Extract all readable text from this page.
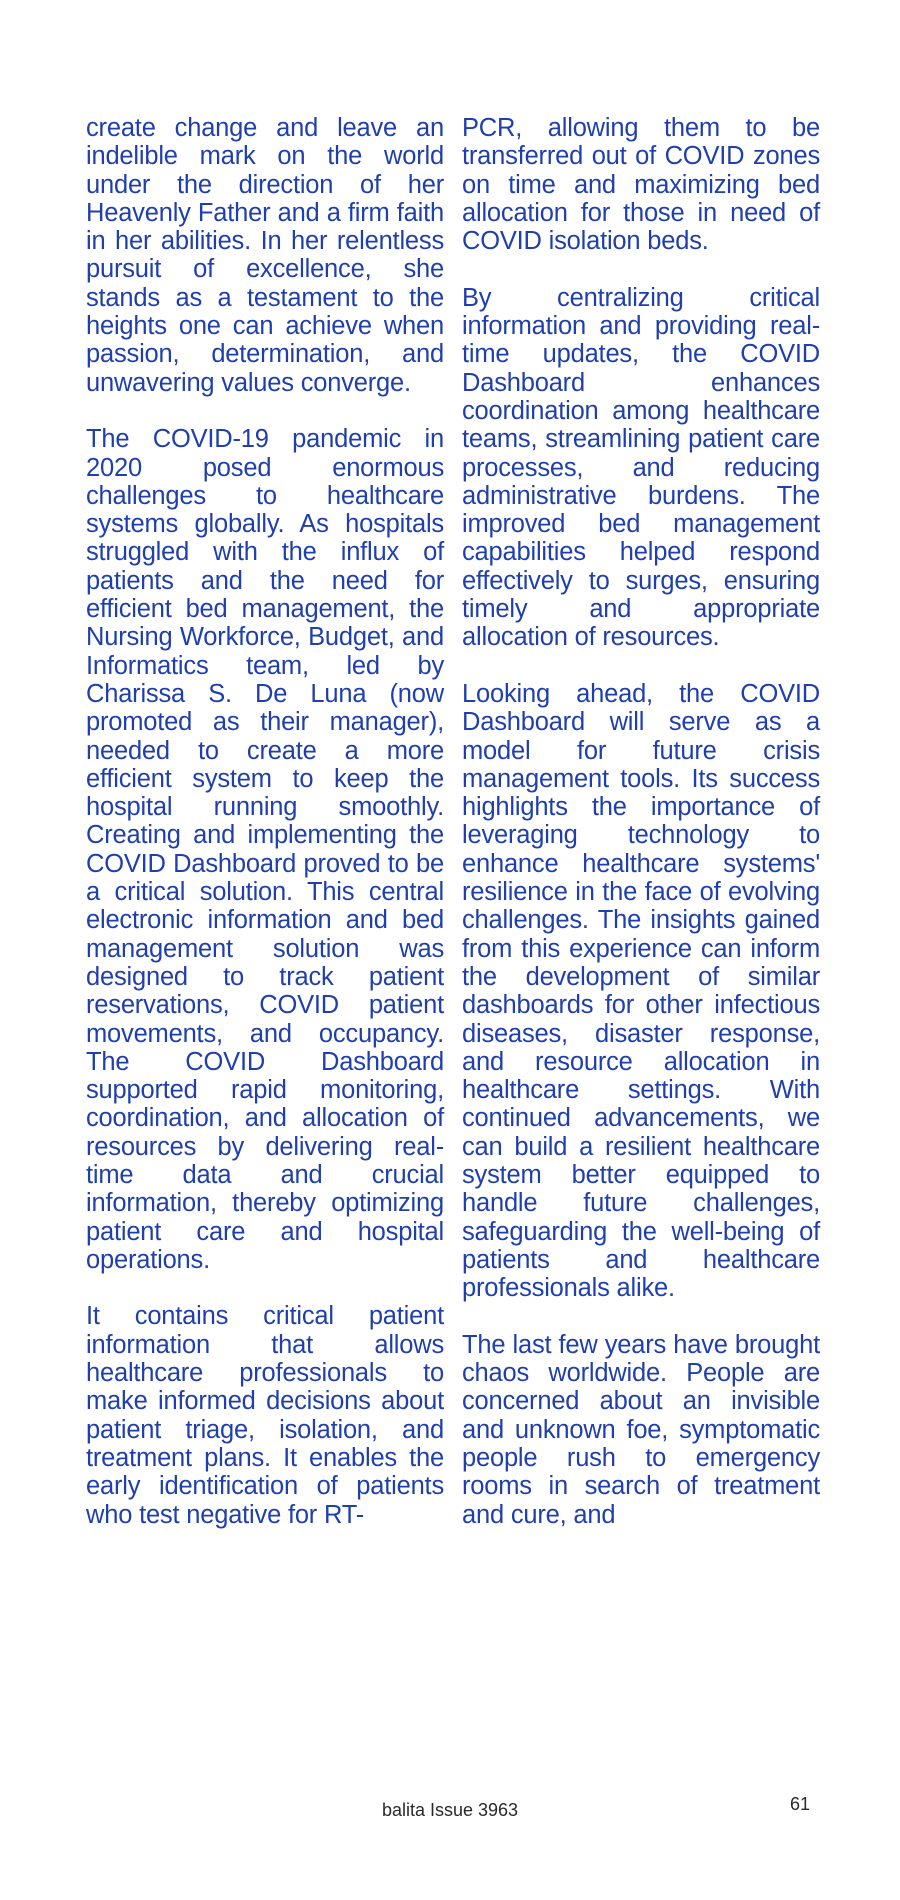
create change and leave an indelible mark on the world under the direction of her Heavenly Father and a firm faith in her abilities. In her relentless pursuit of excellence, she stands as a testament to the heights one can achieve when passion, determination, and unwavering values converge.

The COVID-19 pandemic in 2020 posed enormous challenges to healthcare systems globally. As hospitals struggled with the influx of patients and the need for efficient bed management, the Nursing Workforce, Budget, and Informatics team, led by Charissa S. De Luna (now promoted as their manager), needed to create a more efficient system to keep the hospital running smoothly. Creating and implementing the COVID Dashboard proved to be a critical solution. This central electronic information and bed management solution was designed to track patient reservations, COVID patient movements, and occupancy. The COVID Dashboard supported rapid monitoring, coordination, and allocation of resources by delivering real-time data and crucial information, thereby optimizing patient care and hospital operations.

It contains critical patient information that allows healthcare professionals to make informed decisions about patient triage, isolation, and treatment plans. It enables the early identification of patients who test negative for RT-

PCR, allowing them to be transferred out of COVID zones on time and maximizing bed allocation for those in need of COVID isolation beds.

By centralizing critical information and providing real-time updates, the COVID Dashboard enhances coordination among healthcare teams, streamlining patient care processes, and reducing administrative burdens. The improved bed management capabilities helped respond effectively to surges, ensuring timely and appropriate allocation of resources.

Looking ahead, the COVID Dashboard will serve as a model for future crisis management tools. Its success highlights the importance of leveraging technology to enhance healthcare systems' resilience in the face of evolving challenges. The insights gained from this experience can inform the development of similar dashboards for other infectious diseases, disaster response, and resource allocation in healthcare settings. With continued advancements, we can build a resilient healthcare system better equipped to handle future challenges, safeguarding the well-being of patients and healthcare professionals alike.

The last few years have brought chaos worldwide. People are concerned about an invisible and unknown foe, symptomatic people rush to emergency rooms in search of treatment and cure, and

balita Issue 3963	61
